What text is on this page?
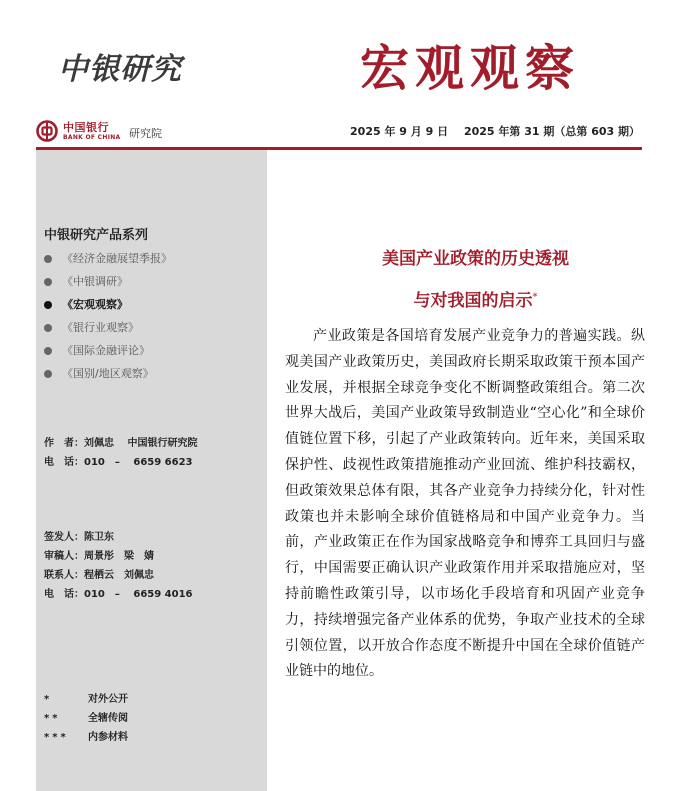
中银研究	宏观观察
中国银行
BANK OF CHINA 研究院	2025 年 9 月 9 日 2025 年第 31 期（总第 603 期）
中银研究产品系列
《经济金融展望季报》
《中银调研》
《宏观观察》
《银行业观察》
《国际金融评论》
《国别/地区观察》
作　者：刘佩忠　 中国银行研究院
电　话：010　–　 6659 6623
签发人：陈卫东
审稿人：周景彤　梁　婧
联系人：程栖云　刘佩忠
电　话：010　–　 6659 4016
*	对外公开
**	全辖传阅
***	内参材料
美国产业政策的历史透视
与对我国的启示*

产业政策是各国培育发展产业竞争力的普遍实践。纵观美国产业政策历史，美国政府长期采取政策干预本国产业发展，并根据全球竞争变化不断调整政策组合。第二次世界大战后，美国产业政策导致制造业“空心化”和全球价值链位置下移，引起了产业政策转向。近年来，美国采取保护性、歧视性政策措施推动产业回流、维护科技霸权，但政策效果总体有限，其各产业竞争力持续分化，针对性政策也并未影响全球价值链格局和中国产业竞争力。当前，产业政策正在作为国家战略竞争和博弈工具回归与盛行，中国需要正确认识产业政策作用并采取措施应对，坚持前瞻性政策引导，以市场化手段培育和巩固产业竞争力，持续增强完备产业体系的优势，争取产业技术的全球引领位置，以开放合作态度不断提升中国在全球价值链产业链中的地位。
